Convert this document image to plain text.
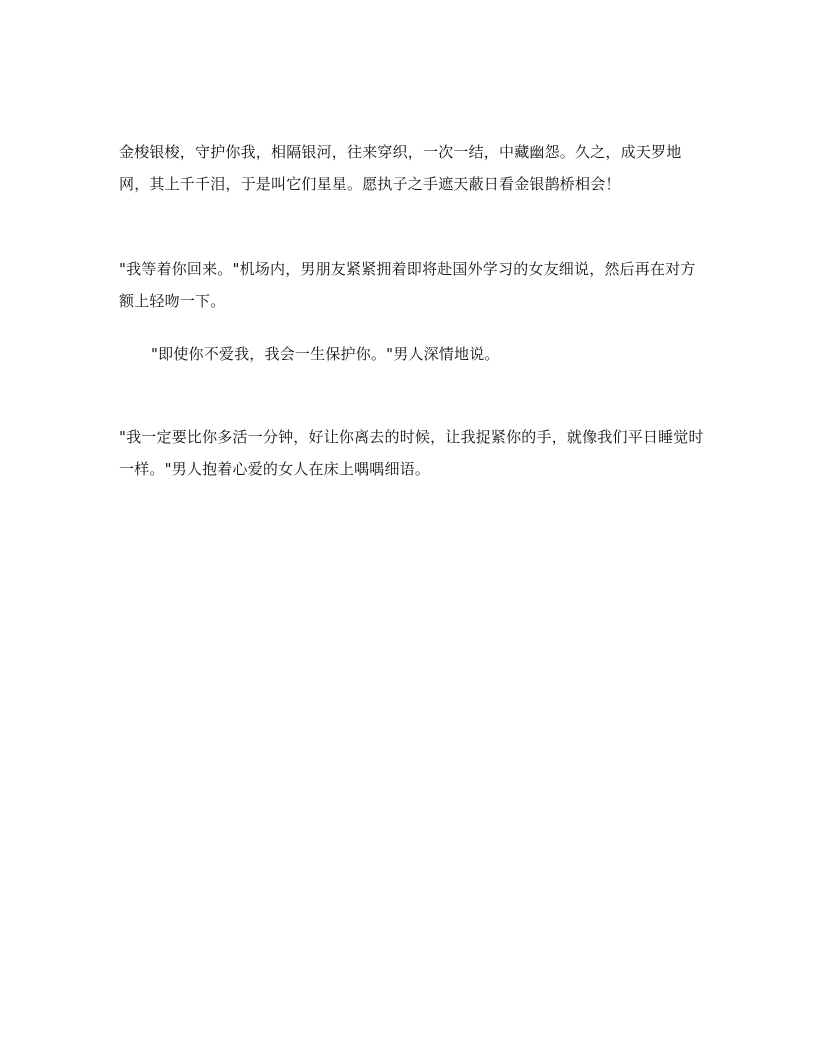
金梭银梭，守护你我，相隔银河，往来穿织，一次一结，中藏幽怨。久之，成天罗地网，其上千千泪，于是叫它们星星。愿执子之手遮天蔽日看金银鹊桥相会！

"我等着你回来。"机场内，男朋友紧紧拥着即将赴国外学习的女友细说，然后再在对方额上轻吻一下。

"即使你不爱我，我会一生保护你。"男人深情地说。

"我一定要比你多活一分钟，好让你离去的时候，让我捉紧你的手，就像我们平日睡觉时一样。"男人抱着心爱的女人在床上喁喁细语。
